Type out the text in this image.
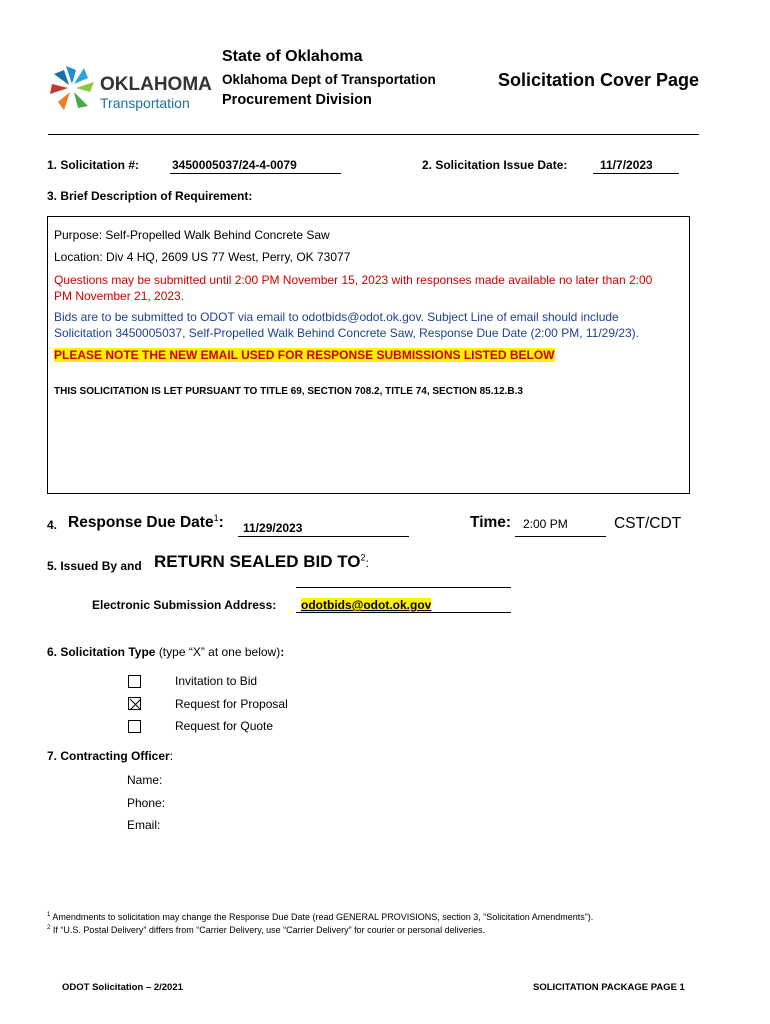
OKLAHOMA
Transportation
State of Oklahoma
Oklahoma Dept of Transportation
Procurement Division
Solicitation Cover Page
1. Solicitation #:	3450005037/24-4-0079	2. Solicitation Issue Date:	11/7/2023
3. Brief Description of Requirement:
Purpose: Self-Propelled Walk Behind Concrete Saw
Location: Div 4 HQ, 2609 US 77 West, Perry, OK 73077
Questions may be submitted until 2:00 PM November 15, 2023 with responses made available no later than 2:00
PM November 21, 2023.
Bids are to be submitted to ODOT via email to odotbids@odot.ok.gov. Subject Line of email should include
Solicitation 3450005037, Self-Propelled Walk Behind Concrete Saw, Response Due Date (2:00 PM, 11/29/23).
PLEASE NOTE THE NEW EMAIL USED FOR RESPONSE SUBMISSIONS LISTED BELOW
THIS SOLICITATION IS LET PURSUANT TO TITLE 69, SECTION 708.2, TITLE 74, SECTION 85.12.B.3
4. Response Due Date$^1$: 11/29/2023	Time: 2:00 PM	CST/CDT
5. Issued By and RETURN SEALED BID $TO^2$:
Electronic Submission Address: odotbids@odot.ok.gov
6. Solicitation Type (type “X” at one below):
Invitation to Bid
Request for Proposal
Request for Quote
7. Contracting Officer:
Name:
Phone:
Email:
$^1$ Amendments to solicitation may change the Response Due Date (read GENERAL PROVISIONS, section 3, “Solicitation Amendments”).
$^2$ If “U.S. Postal Delivery” differs from “Carrier Delivery, use “Carrier Delivery” for courier or personal deliveries.
ODOT Solicitation – 2/2021	SOLICITATION PACKAGE PAGE 1
